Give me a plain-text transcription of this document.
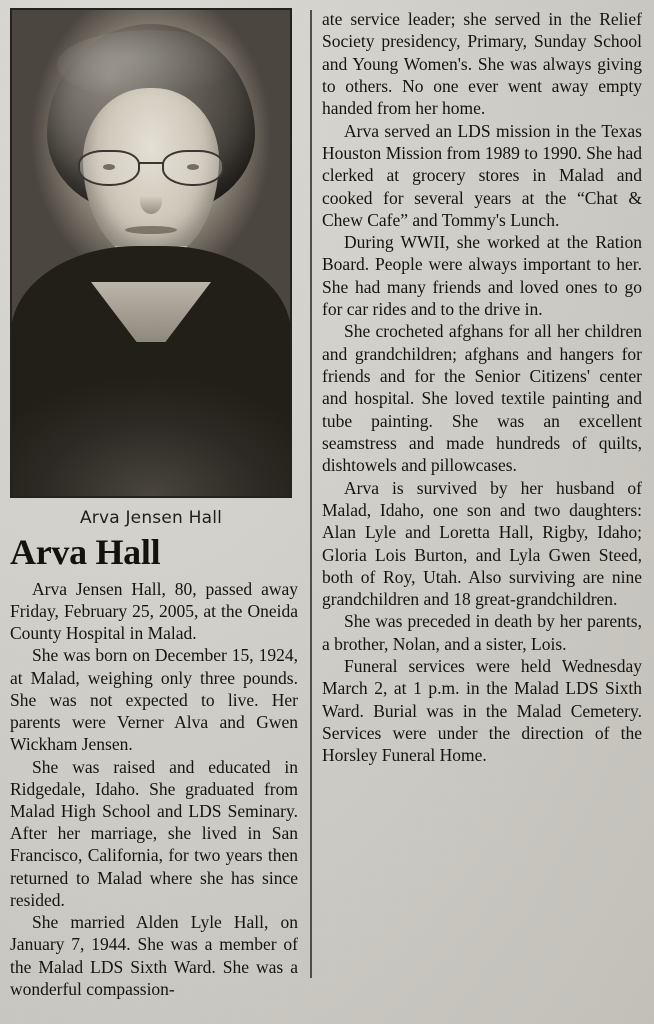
Arva Jensen Hall
Arva Hall

Arva Jensen Hall, 80, passed away Friday, February 25, 2005, at the Oneida County Hospital in Malad.

She was born on December 15, 1924, at Malad, weighing only three pounds. She was not expected to live. Her parents were Verner Alva and Gwen Wickham Jensen.

She was raised and educated in Ridgedale, Idaho. She graduated from Malad High School and LDS Seminary. After her marriage, she lived in San Francisco, California, for two years then returned to Malad where she has since resided.

She married Alden Lyle Hall, on January 7, 1944. She was a member of the Malad LDS Sixth Ward. She was a wonderful compassion-

ate service leader; she served in the Relief Society presidency, Primary, Sunday School and Young Women's. She was always giving to others. No one ever went away empty handed from her home.

Arva served an LDS mission in the Texas Houston Mission from 1989 to 1990. She had clerked at grocery stores in Malad and cooked for several years at the “Chat & Chew Cafe” and Tommy's Lunch.

During WWII, she worked at the Ration Board. People were always important to her. She had many friends and loved ones to go for car rides and to the drive in.

She crocheted afghans for all her children and grandchildren; afghans and hangers for friends and for the Senior Citizens' center and hospital. She loved textile painting and tube painting. She was an excellent seamstress and made hundreds of quilts, dishtowels and pillowcases.

Arva is survived by her husband of Malad, Idaho, one son and two daughters: Alan Lyle and Loretta Hall, Rigby, Idaho; Gloria Lois Burton, and Lyla Gwen Steed, both of Roy, Utah. Also surviving are nine grandchildren and 18 great-grandchildren.

She was preceded in death by her parents, a brother, Nolan, and a sister, Lois.

Funeral services were held Wednesday March 2, at 1 p.m. in the Malad LDS Sixth Ward. Burial was in the Malad Cemetery. Services were under the direction of the Horsley Funeral Home.
